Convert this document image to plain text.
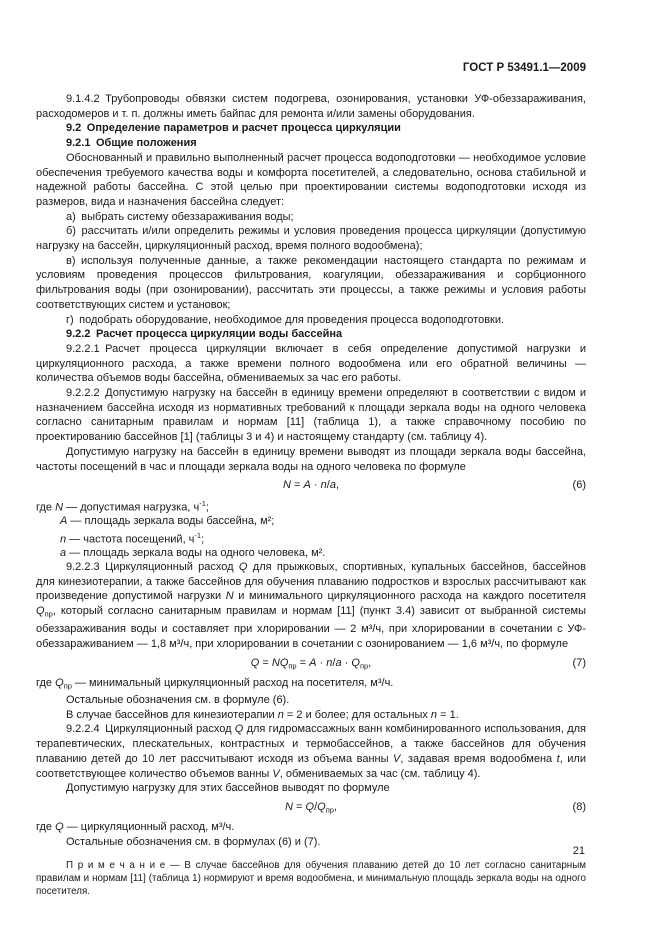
ГОСТ Р 53491.1—2009

9.1.4.2 Трубопроводы обвязки систем подогрева, озонирования, установки УФ-обеззараживания, расходомеров и т. п. должны иметь байпас для ремонта и/или замены оборудования.

9.2 Определение параметров и расчет процесса циркуляции

9.2.1 Общие положения

Обоснованный и правильно выполненный расчет процесса водоподготовки — необходимое условие обеспечения требуемого качества воды и комфорта посетителей, а следовательно, основа стабильной и надежной работы бассейна. С этой целью при проектировании системы водоподготовки исходя из размеров, вида и назначения бассейна следует:

а) выбрать систему обеззараживания воды;

б) рассчитать и/или определить режимы и условия проведения процесса циркуляции (допустимую нагрузку на бассейн, циркуляционный расход, время полного водообмена);

в) используя полученные данные, а также рекомендации настоящего стандарта по режимам и условиям проведения процессов фильтрования, коагуляции, обеззараживания и сорбционного фильтрования воды (при озонировании), рассчитать эти процессы, а также режимы и условия работы соответствующих систем и установок;

г) подобрать оборудование, необходимое для проведения процесса водоподготовки.

9.2.2 Расчет процесса циркуляции воды бассейна

9.2.2.1 Расчет процесса циркуляции включает в себя определение допустимой нагрузки и циркуляционного расхода, а также времени полного водообмена или его обратной величины — количества объемов воды бассейна, обмениваемых за час его работы.

9.2.2.2 Допустимую нагрузку на бассейн в единицу времени определяют в соответствии с видом и назначением бассейна исходя из нормативных требований к площади зеркала воды на одного человека согласно санитарным правилам и нормам [11] (таблица 1), а также справочному пособию по проектированию бассейнов [1] (таблицы 3 и 4) и настоящему стандарту (см. таблицу 4).

Допустимую нагрузку на бассейн в единицу времени выводят из площади зеркала воды бассейна, частоты посещений в час и площади зеркала воды на одного человека по формуле

N = A · n/a,	(6)

где N — допустимая нагрузка, $ч^{-1}$;

A — площадь зеркала воды бассейна, м²;

n — частота посещений, $ч^{-1}$;

a — площадь зеркала воды на одного человека, м².

9.2.2.3 Циркуляционный расход Q для прыжковых, спортивных, купальных бассейнов, бассейнов для кинезиотерапии, а также бассейнов для обучения плаванию подростков и взрослых рассчитывают как произведение допустимой нагрузки N и минимального циркуляционного расхода на каждого посетителя $Q_{пр}$, который согласно санитарным правилам и нормам [11] (пункт 3.4) зависит от выбранной системы обеззараживания воды и составляет при хлорировании — 2 м³/ч, при хлорировании в сочетании с УФ-обеззараживанием — 1,8 м³/ч, при хлорировании в сочетании с озонированием — 1,6 м³/ч, по формуле

$Q = NQ_{пр} = A \cdot n/a \cdot Q_{пр}$,	(7)

где $Q_{пр}$ — минимальный циркуляционный расход на посетителя, м³/ч.

Остальные обозначения см. в формуле (6).

В случае бассейнов для кинезиотерапии n = 2 и более; для остальных n = 1.

9.2.2.4 Циркуляционный расход Q для гидромассажных ванн комбинированного использования, для терапевтических, плескательных, контрастных и термобассейнов, а также бассейнов для обучения плаванию детей до 10 лет рассчитывают исходя из объема ванны V, задавая время водообмена t, или соответствующее количество объемов ванны V, обмениваемых за час (см. таблицу 4).

Допустимую нагрузку для этих бассейнов выводят по формуле

$N = Q/Q_{пр}$,	(8)

где Q — циркуляционный расход, м³/ч.

Остальные обозначения см. в формулах (6) и (7).

П р и м е ч а н и е — В случае бассейнов для обучения плаванию детей до 10 лет согласно санитарным правилам и нормам [11] (таблица 1) нормируют и время водообмена, и минимальную площадь зеркала воды на одного посетителя.

21
